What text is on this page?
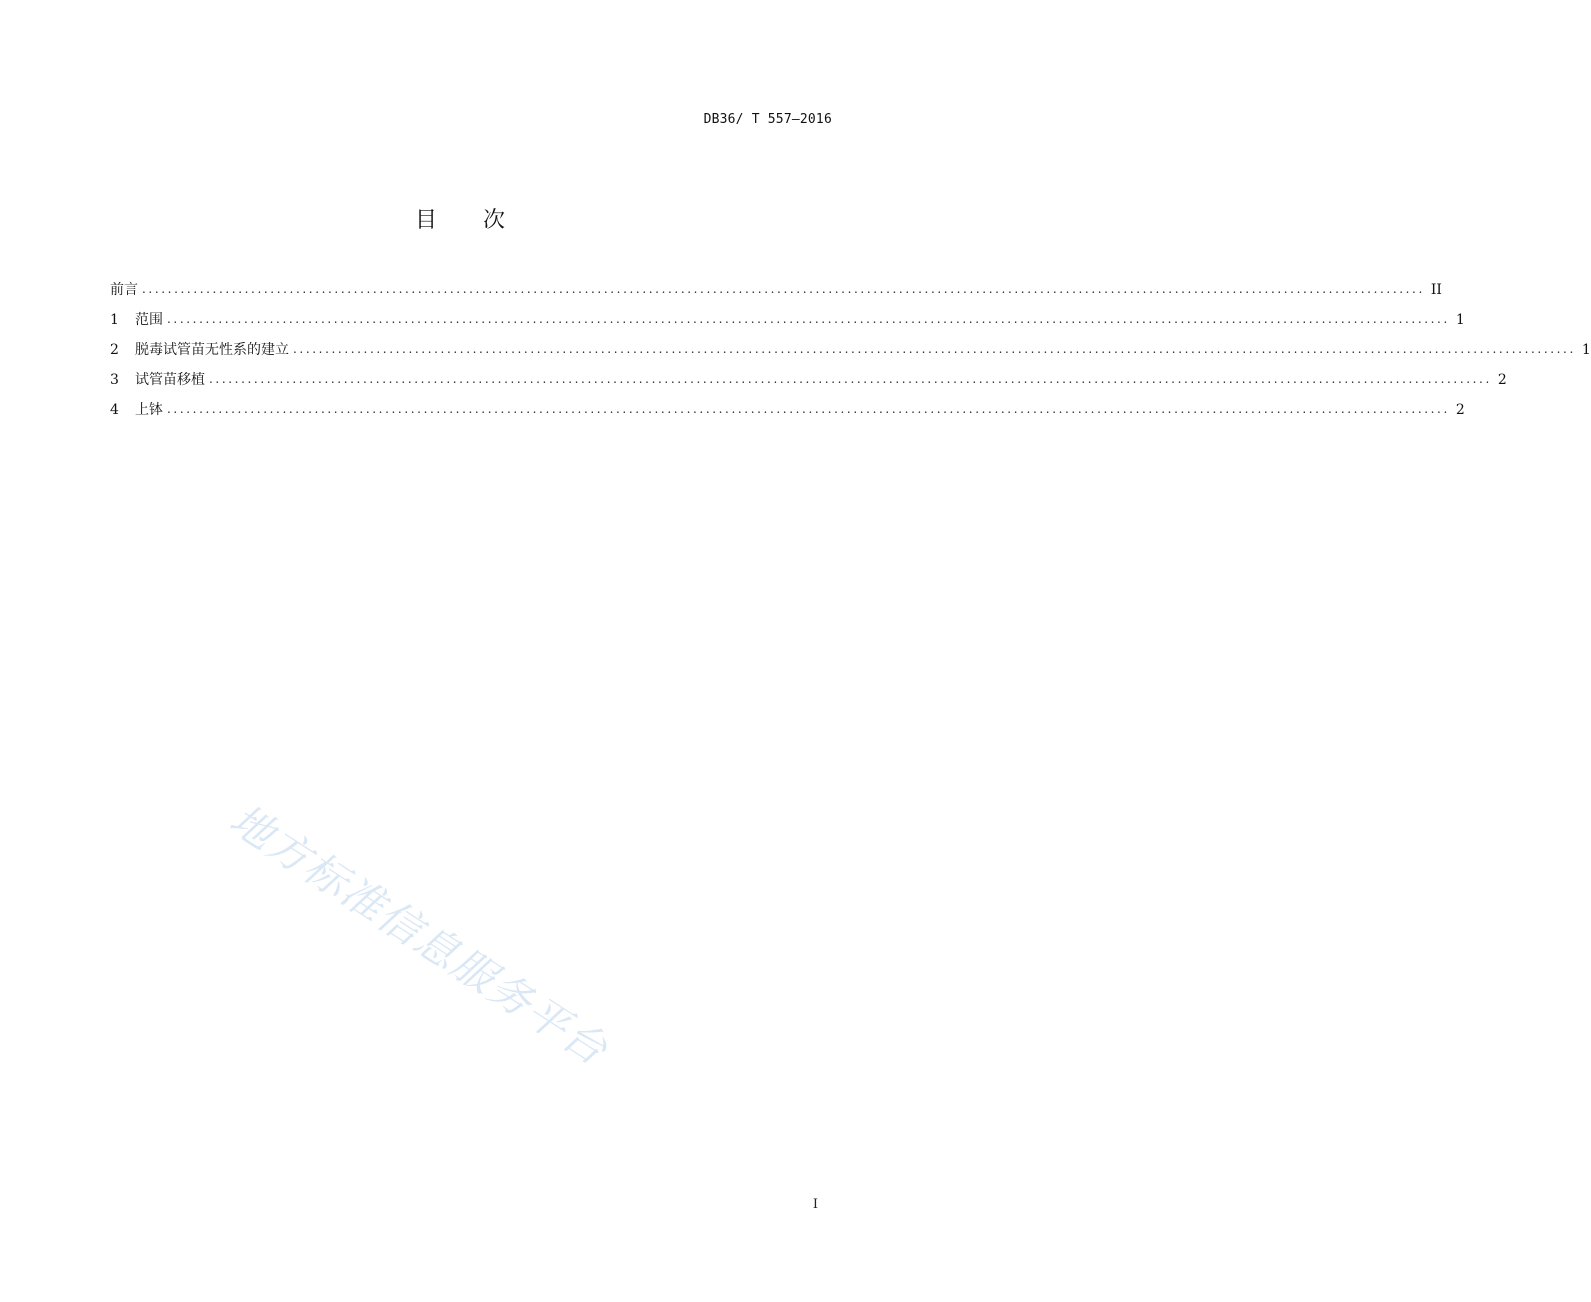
DB36/ T 557—2016
目 次
前言 ........................................................................................................................................................................................................ II
1	范围 ........................................................................................................................................................................................................ 1
2	脱毒试管苗无性系的建立 ........................................................................................................................................................................................................ 1
3	试管苗移植 ........................................................................................................................................................................................................ 2
4	上钵 ........................................................................................................................................................................................................ 2
地方标准信息服务平台
I
